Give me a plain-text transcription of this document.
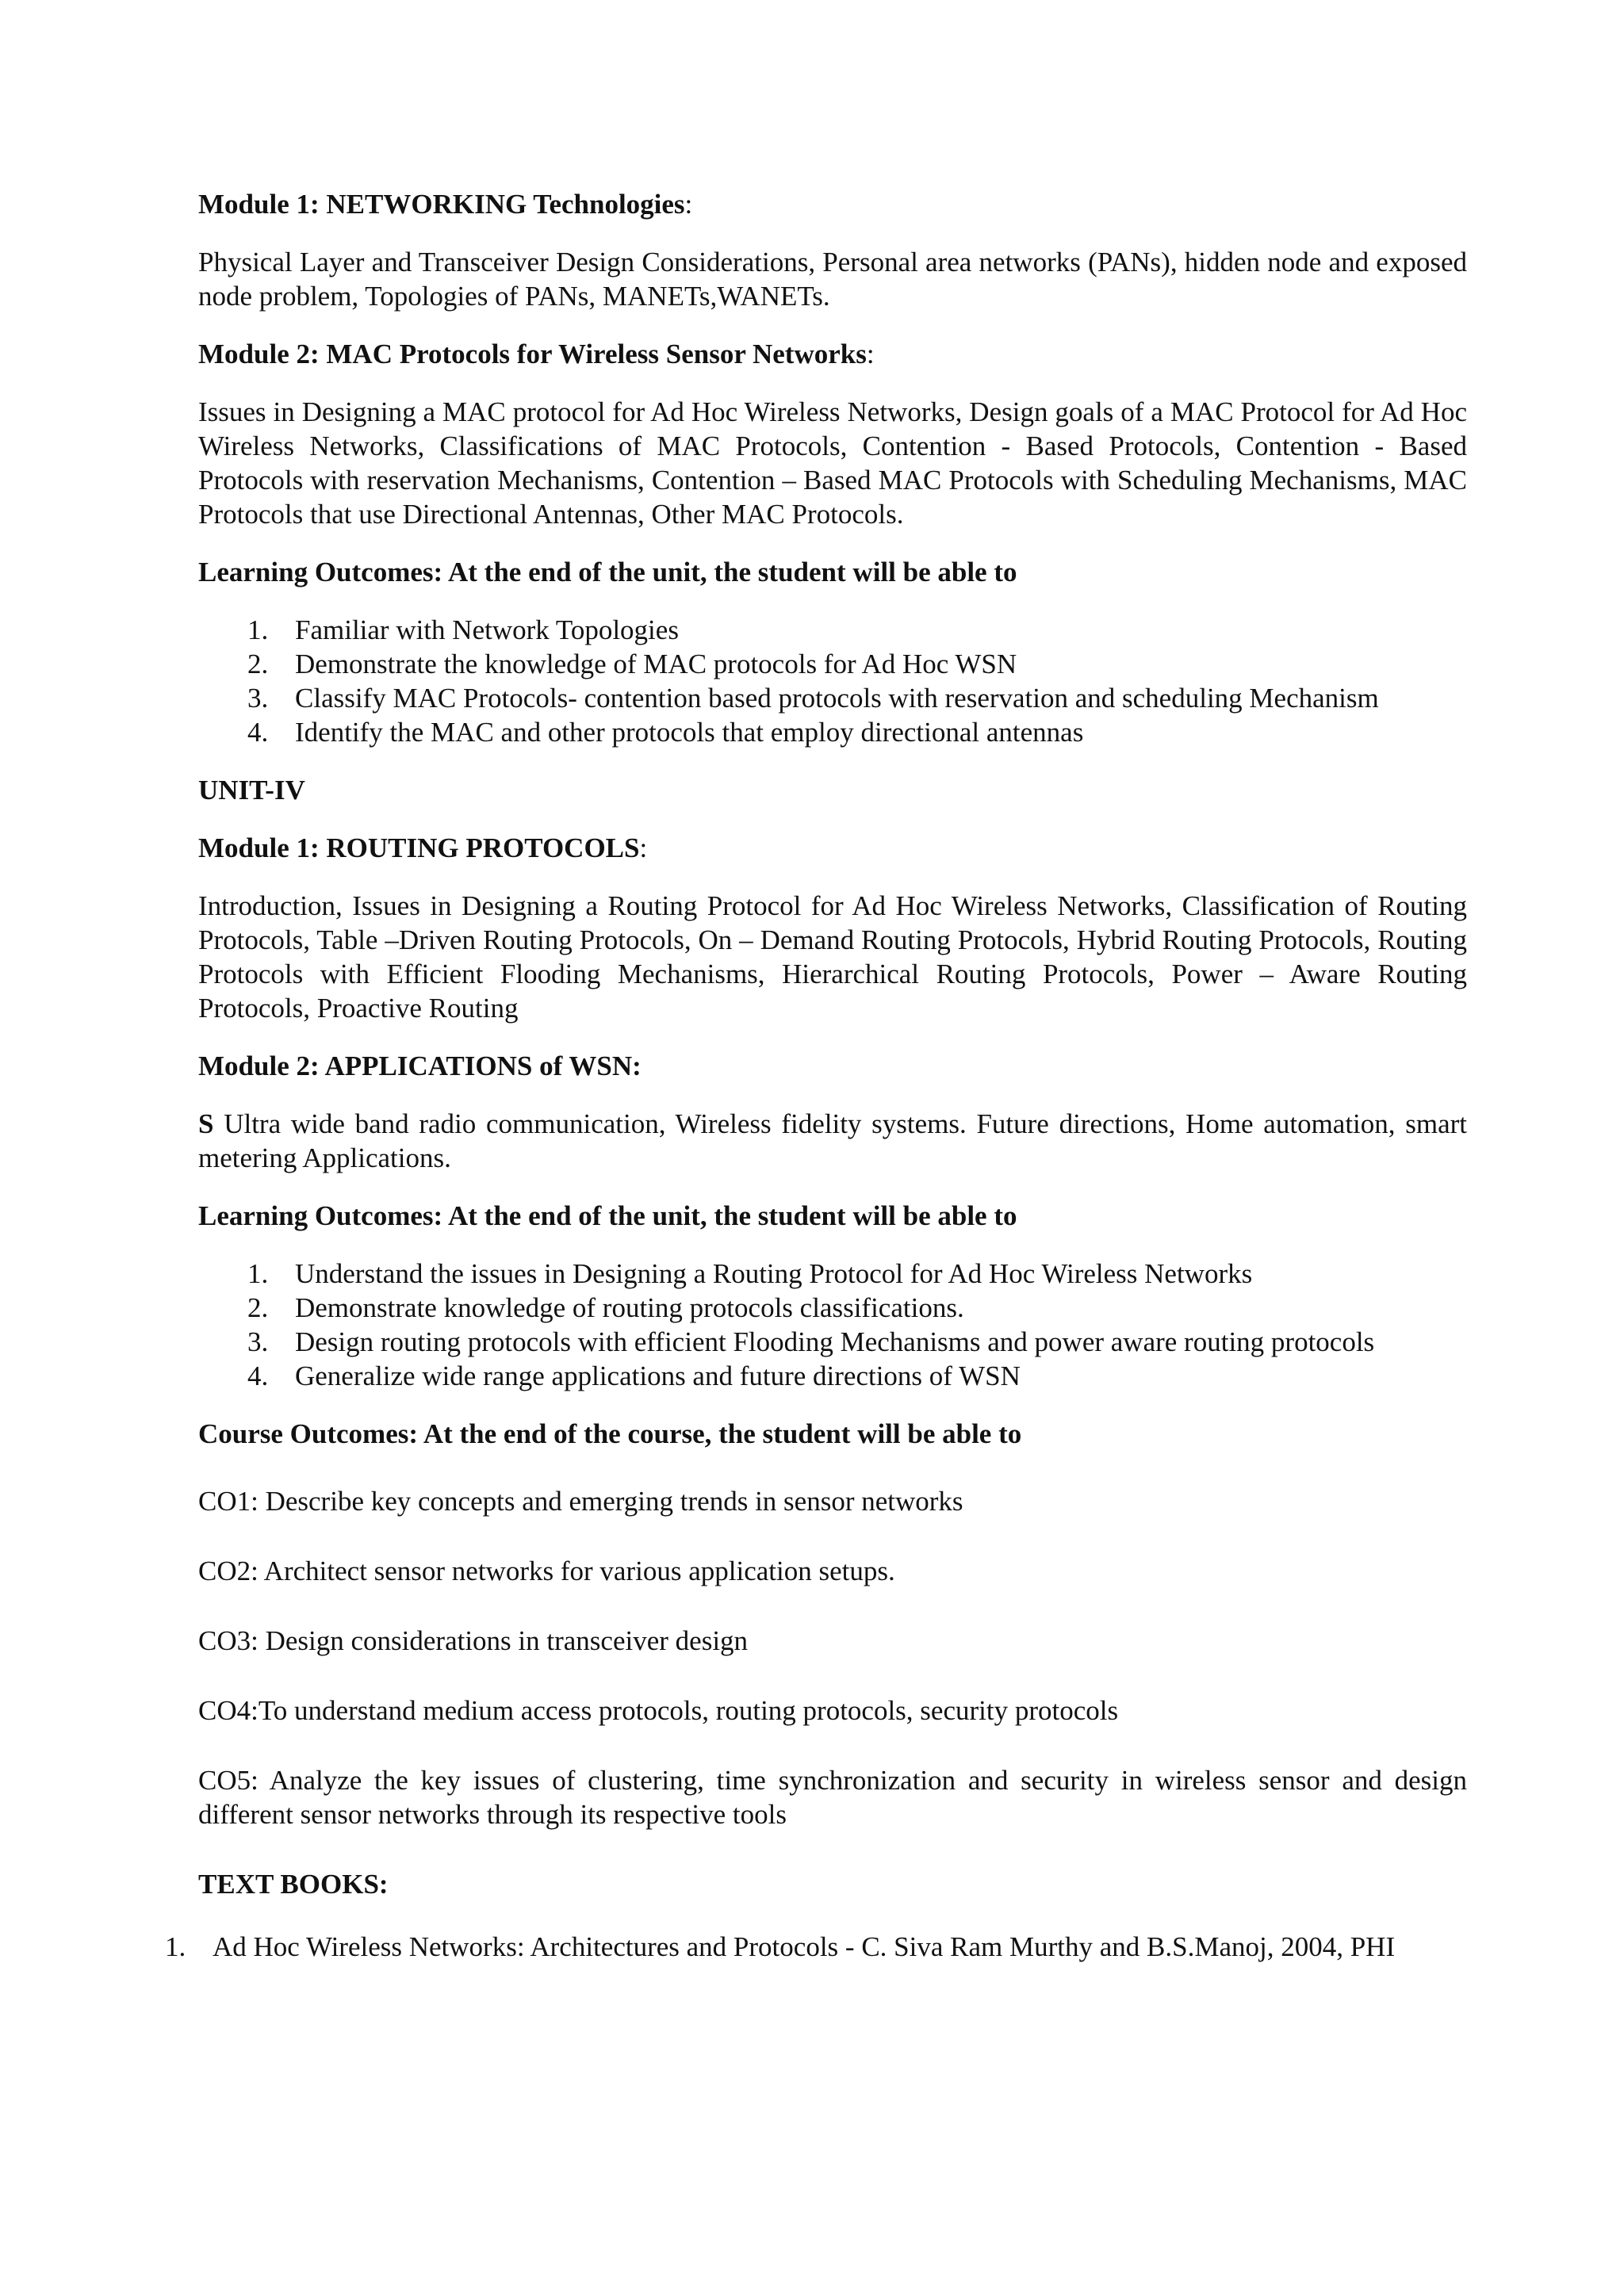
Module 1: NETWORKING Technologies:
Physical Layer and Transceiver Design Considerations, Personal area networks (PANs), hidden node and exposed node problem, Topologies of PANs, MANETs,WANETs.
Module 2: MAC Protocols for Wireless Sensor Networks:
Issues in Designing a MAC protocol for Ad Hoc Wireless Networks, Design goals of a MAC Protocol for Ad Hoc Wireless Networks, Classifications of MAC Protocols, Contention - Based Protocols, Contention - Based Protocols with reservation Mechanisms, Contention – Based MAC Protocols with Scheduling Mechanisms, MAC Protocols that use Directional Antennas, Other MAC Protocols.
Learning Outcomes: At the end of the unit, the student will be able to
1. Familiar with Network Topologies
2. Demonstrate the knowledge of MAC protocols for Ad Hoc WSN
3. Classify MAC Protocols- contention based protocols with reservation and scheduling Mechanism
4. Identify the MAC and other protocols that employ directional antennas
UNIT-IV
Module 1: ROUTING PROTOCOLS:
Introduction, Issues in Designing a Routing Protocol for Ad Hoc Wireless Networks, Classification of Routing Protocols, Table –Driven Routing Protocols, On – Demand Routing Protocols, Hybrid Routing Protocols, Routing Protocols with Efficient Flooding Mechanisms, Hierarchical Routing Protocols, Power – Aware Routing Protocols, Proactive Routing
Module 2: APPLICATIONS of WSN:
S Ultra wide band radio communication, Wireless fidelity systems. Future directions, Home automation, smart metering Applications.
Learning Outcomes: At the end of the unit, the student will be able to
1. Understand the issues in Designing a Routing Protocol for Ad Hoc Wireless Networks
2. Demonstrate knowledge of routing protocols classifications.
3. Design routing protocols with efficient Flooding Mechanisms and power aware routing protocols
4. Generalize wide range applications and future directions of WSN
Course Outcomes: At the end of the course, the student will be able to
CO1: Describe key concepts and emerging trends in sensor networks
CO2: Architect sensor networks for various application setups.
CO3: Design considerations in transceiver design
CO4:To understand medium access protocols, routing protocols, security protocols
CO5: Analyze the key issues of clustering, time synchronization and security in wireless sensor and design different sensor networks through its respective tools
TEXT BOOKS:
1. Ad Hoc Wireless Networks: Architectures and Protocols - C. Siva Ram Murthy and B.S.Manoj, 2004, PHI
